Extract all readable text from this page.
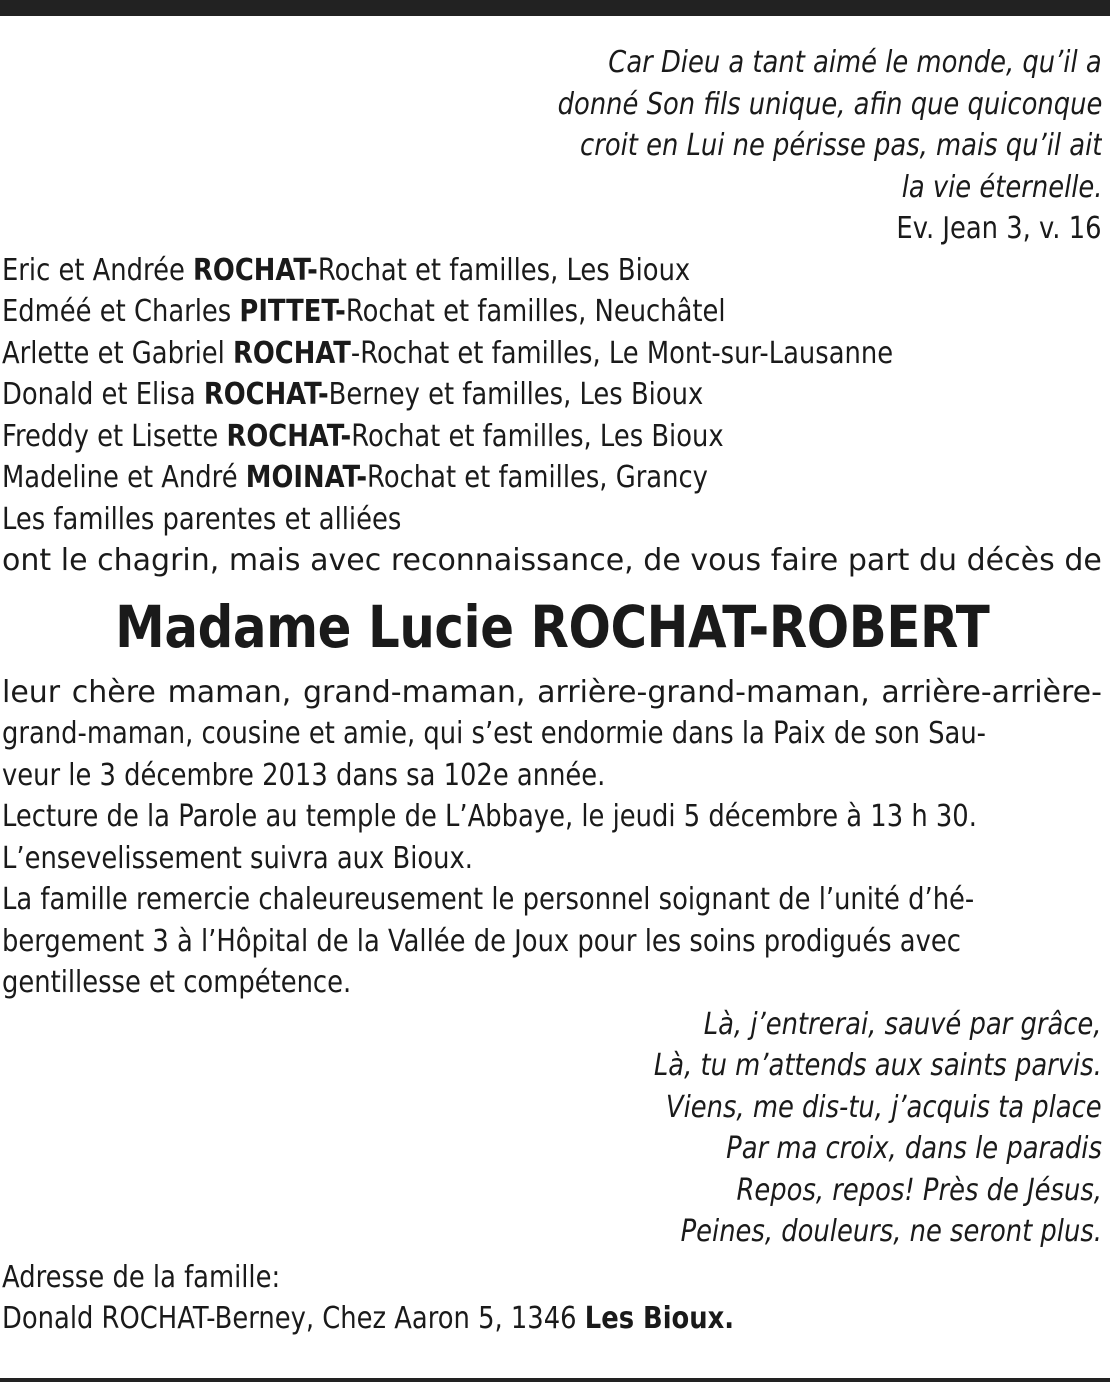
Car Dieu a tant aimé le monde, qu’il a
donné Son fils unique, afin que quiconque
croit en Lui ne périsse pas, mais qu’il ait
la vie éternelle.
Ev. Jean 3, v. 16
Eric et Andrée ROCHAT-Rochat et familles, Les Bioux
Edméé et Charles PITTET-Rochat et familles, Neuchâtel
Arlette et Gabriel ROCHAT-Rochat et familles, Le Mont-sur-Lausanne
Donald et Elisa ROCHAT-Berney et familles, Les Bioux
Freddy et Lisette ROCHAT-Rochat et familles, Les Bioux
Madeline et André MOINAT-Rochat et familles, Grancy
Les familles parentes et alliées
ont le chagrin, mais avec reconnaissance, de vous faire part du décès de
Madame Lucie ROCHAT-ROBERT
leur chère maman, grand-maman, arrière-grand-maman, arrière-arrière-
grand-maman, cousine et amie, qui s’est endormie dans la Paix de son Sau-
veur le 3 décembre 2013 dans sa 102e année.
Lecture de la Parole au temple de L’Abbaye, le jeudi 5 décembre à 13 h 30.
L’ensevelissement suivra aux Bioux.
La famille remercie chaleureusement le personnel soignant de l’unité d’hé-
bergement 3 à l’Hôpital de la Vallée de Joux pour les soins prodigués avec
gentillesse et compétence.
Là, j’entrerai, sauvé par grâce,
Là, tu m’attends aux saints parvis.
Viens, me dis-tu, j’acquis ta place
Par ma croix, dans le paradis
Repos, repos! Près de Jésus,
Peines, douleurs, ne seront plus.
Adresse de la famille:
Donald ROCHAT-Berney, Chez Aaron 5, 1346 Les Bioux.
